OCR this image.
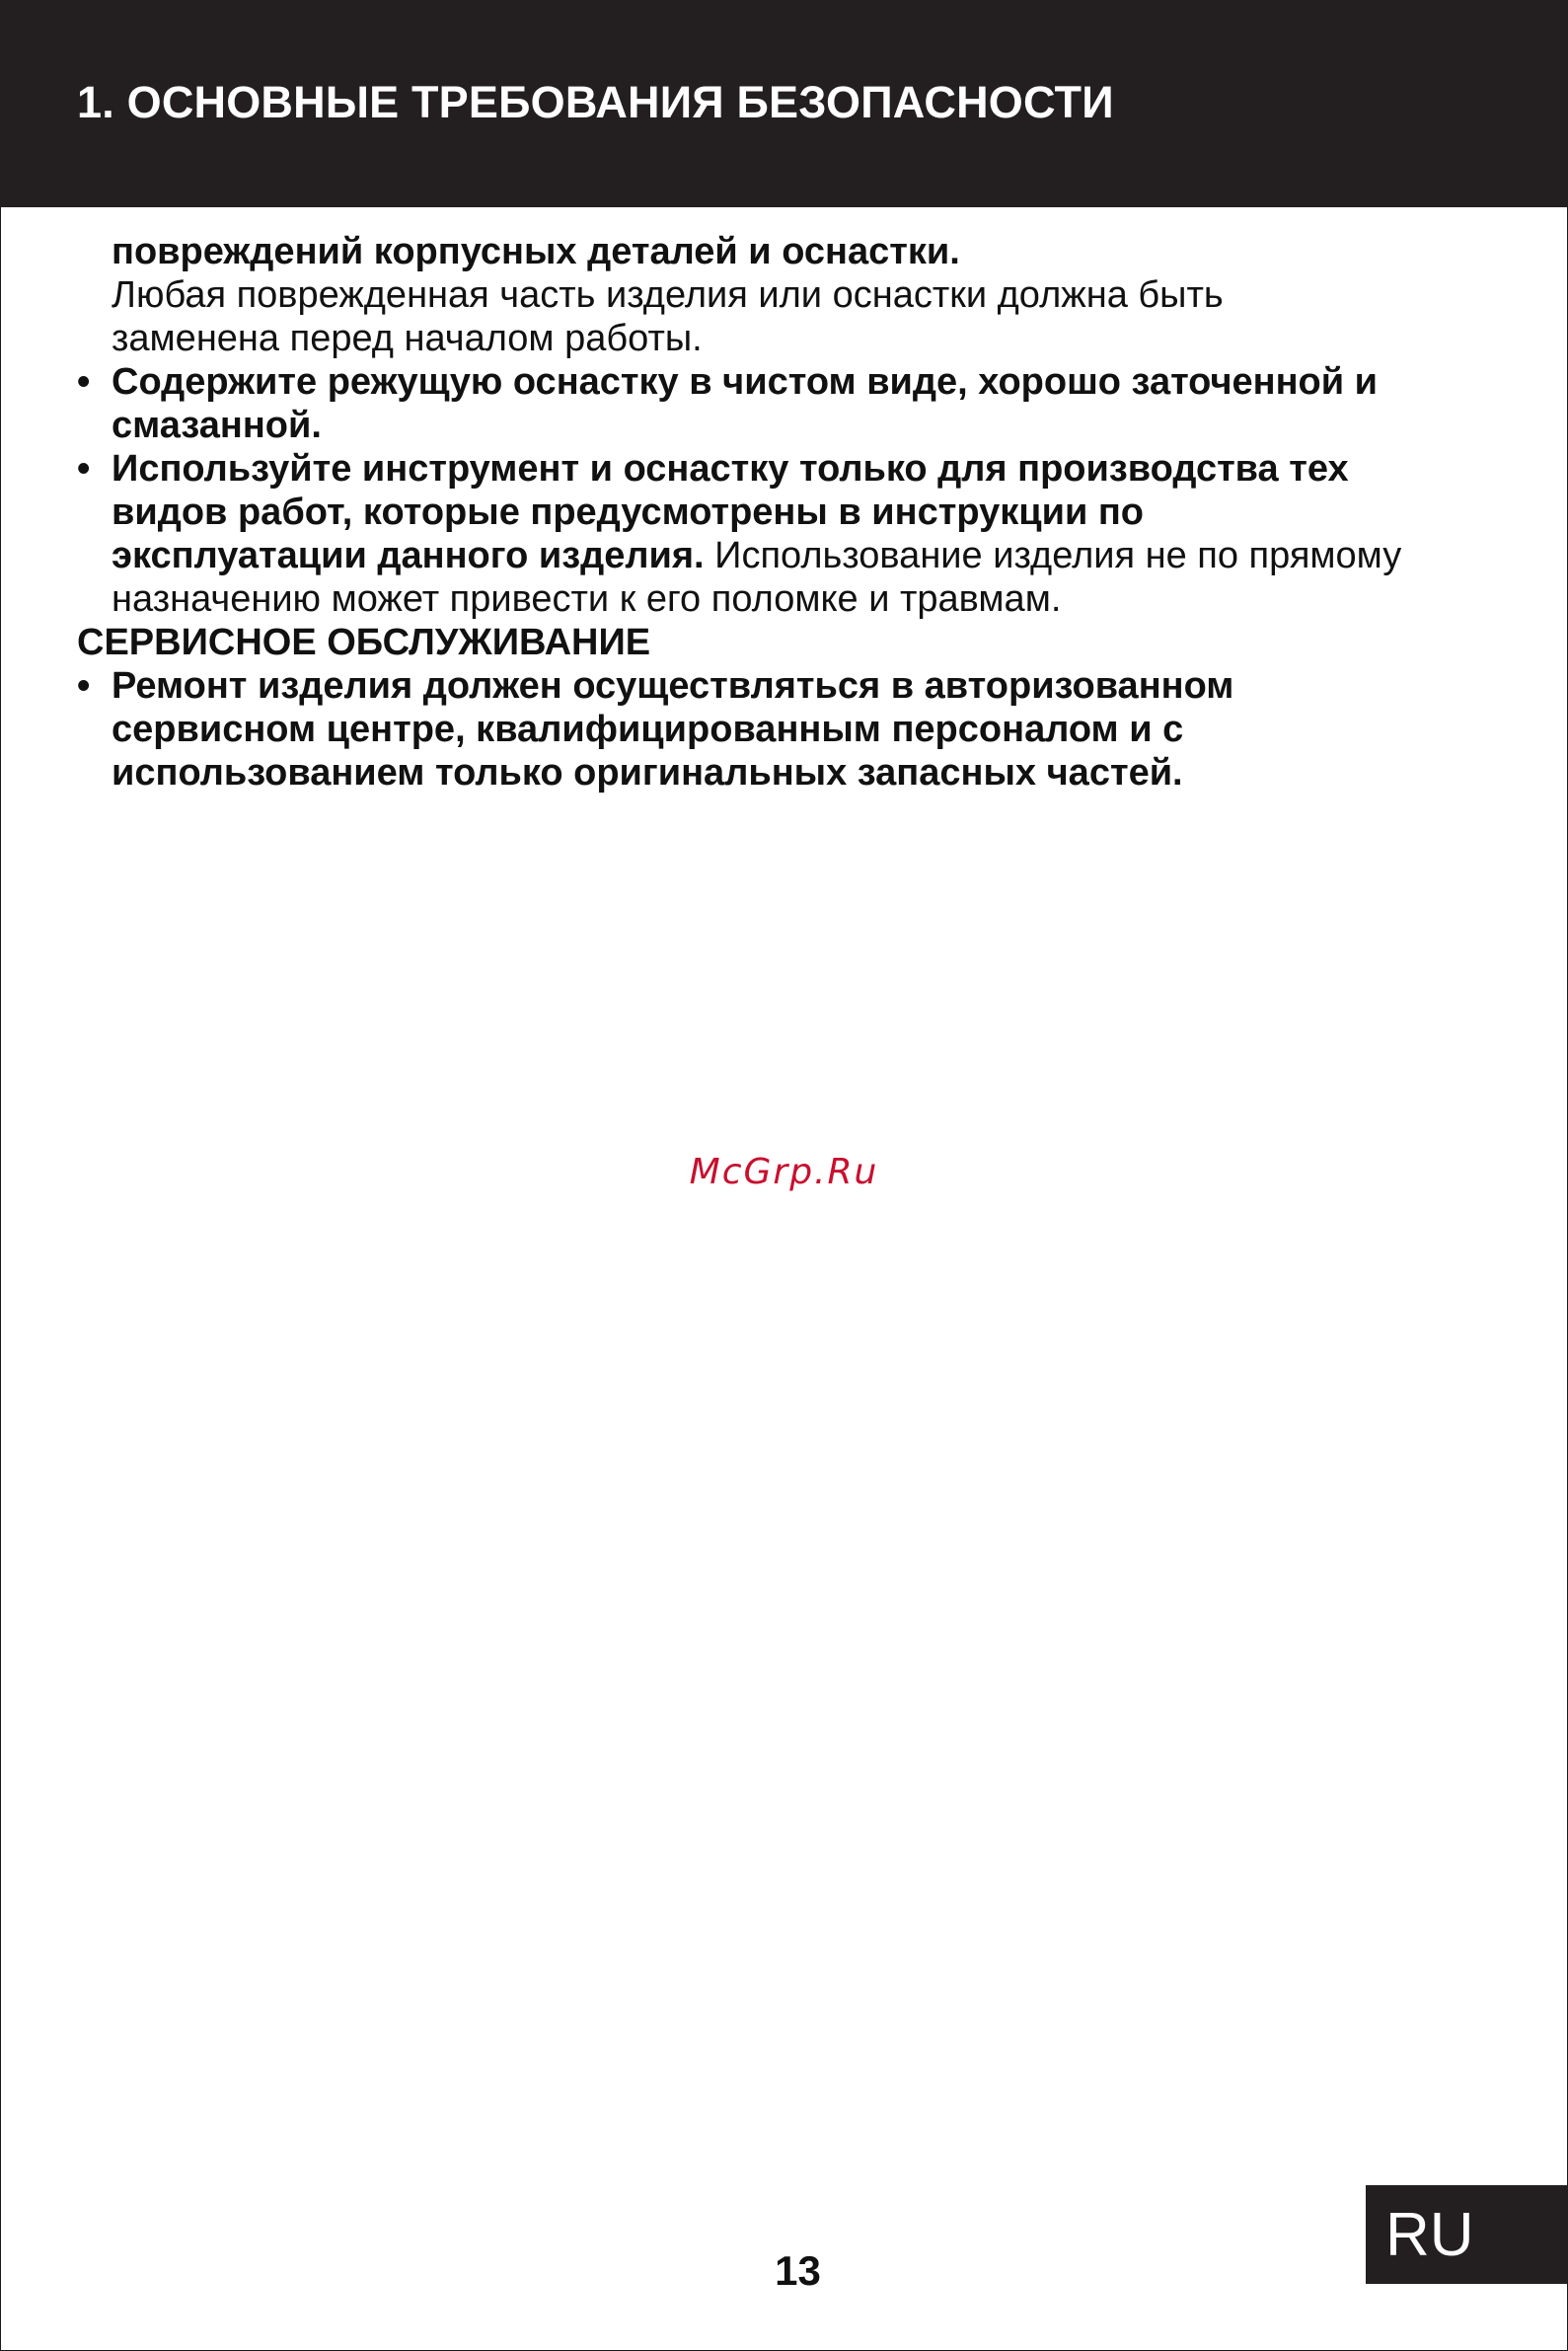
1. ОСНОВНЫЕ ТРЕБОВАНИЯ БЕЗОПАСНОСТИ
повреждений корпусных деталей и оснастки.
Любая поврежденная часть изделия или оснастки должна быть
заменена перед началом работы.
• Содержите режущую оснастку в чистом виде, хорошо заточенной и
смазанной.
• Используйте инструмент и оснастку только для производства тех
видов работ, которые предусмотрены в инструкции по
эксплуатации данного изделия. Использование изделия не по прямому
назначению может привести к его поломке и травмам.
СЕРВИСНОЕ ОБСЛУЖИВАНИЕ
• Ремонт изделия должен осуществляться в авторизованном
сервисном центре, квалифицированным персоналом и с
использованием только оригинальных запасных частей.
McGrp.Ru
13
RU
